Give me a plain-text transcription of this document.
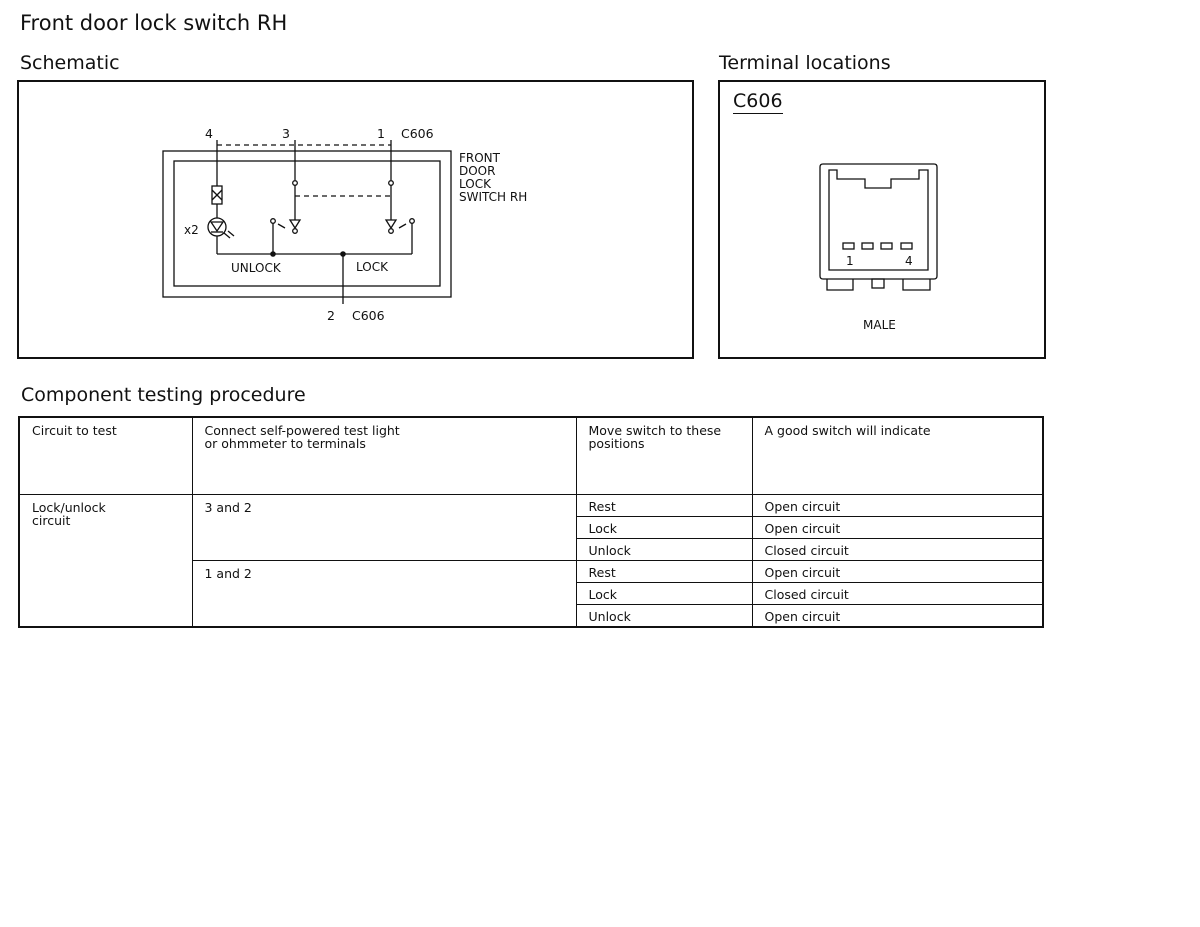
Front door lock switch RH
Schematic	Terminal locations
4	3	1 C606
FRONT
DOOR
LOCK
SWITCH RH
x2
UNLOCK	LOCK
2 C606
1	4
MALE
C606
Component testing procedure
Circuit to test	Connect self-powered test light or ohmmeter to terminals	Move switch to these positions	A good switch will indicate
Lock/unlock circuit	3 and 2	Rest	Open circuit
		Lock	Open circuit
		Unlock	Closed circuit
	1 and 2	Rest	Open circuit
		Lock	Closed circuit
		Unlock	Open circuit
